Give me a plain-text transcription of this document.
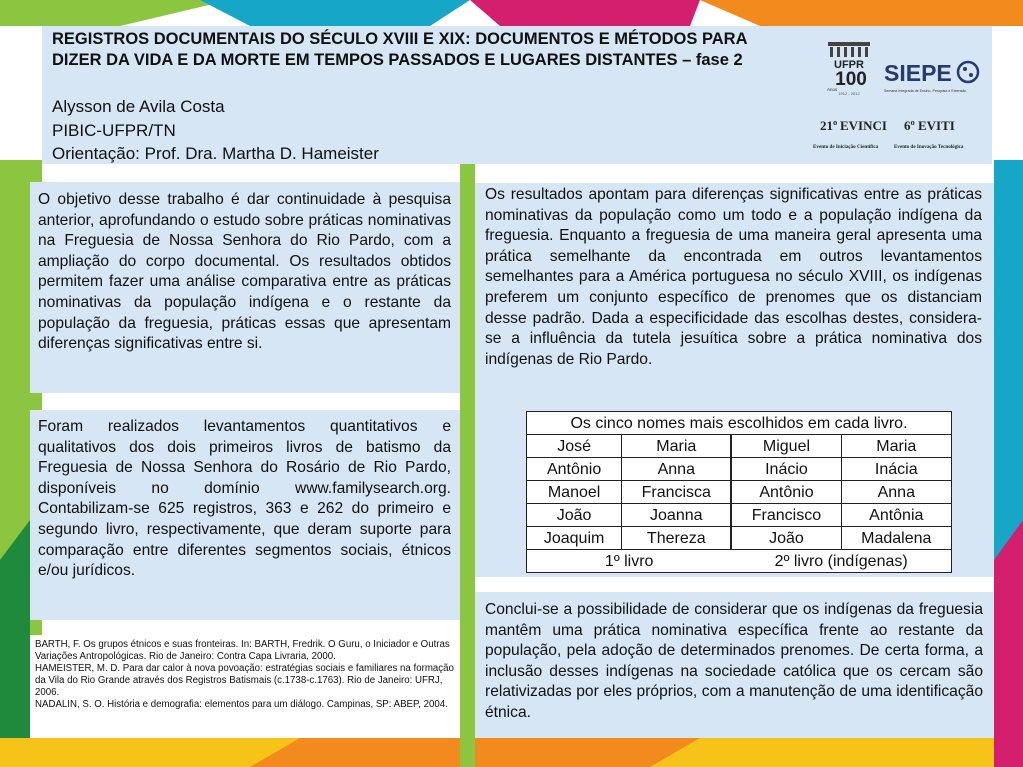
REGISTROS DOCUMENTAIS DO SÉCULO XVIII E XIX: DOCUMENTOS E MÉTODOS PARA DIZER DA VIDA E DA MORTE EM TEMPOS PASSADOS E LUGARES DISTANTES – fase 2
Alysson de Avila Costa
PIBIC-UFPR/TN
Orientação: Prof. Dra. Martha D. Hameister
UFPR
100
Anos
1912 - 2012
SIEPE
Semana Integrada de Ensino, Pesquisa e Extensão
21º EVINCI 6º EVITI
Evento de Iniciação Científica	Evento de Inovação Tecnológica

O objetivo desse trabalho é dar continuidade à pesquisa anterior, aprofundando o estudo sobre práticas nominativas na Freguesia de Nossa Senhora do Rio Pardo, com a ampliação do corpo documental. Os resultados obtidos permitem fazer uma análise comparativa entre as práticas nominativas da população indígena e o restante da população da freguesia, práticas essas que apresentam diferenças significativas entre si.

Foram realizados levantamentos quantitativos e qualitativos dos dois primeiros livros de batismo da Freguesia de Nossa Senhora do Rosário de Rio Pardo, disponíveis no domínio www.familysearch.org. Contabilizam-se 625 registros, 363 e 262 do primeiro e segundo livro, respectivamente, que deram suporte para comparação entre diferentes segmentos sociais, étnicos e/ou jurídicos.

BARTH, F. Os grupos étnicos e suas fronteiras. In: BARTH, Fredrik. O Guru, o Iniciador e Outras Variações Antropológicas. Rio de Janeiro: Contra Capa Livraria, 2000.
HAMEISTER, M. D. Para dar calor à nova povoação: estratégias sociais e familiares na formação da Vila do Rio Grande através dos Registros Batismais (c.1738-c.1763). Rio de Janeiro: UFRJ, 2006.
NADALIN, S. O. História e demografia: elementos para um diálogo. Campinas, SP: ABEP, 2004.

Os resultados apontam para diferenças significativas entre as práticas nominativas da população como um todo e a população indígena da freguesia. Enquanto a freguesia de uma maneira geral apresenta uma prática semelhante da encontrada em outros levantamentos semelhantes para a América portuguesa no século XVIII, os indígenas preferem um conjunto específico de prenomes que os distanciam desse padrão. Dada a especificidade das escolhas destes, considera-se a influência da tutela jesuítica sobre a prática nominativa dos indígenas de Rio Pardo.

Os cinco nomes mais escolhidos em cada livro.			
José	Maria	Miguel	Maria
Antônio	Anna	Inácio	Inácia
Manoel	Francisca	Antônio	Anna
João	Joanna	Francisco	Antônia
Joaquim	Thereza	João	Madalena
1º livro		2º livro (indígenas)	

Conclui-se a possibilidade de considerar que os indígenas da freguesia mantêm uma prática nominativa específica frente ao restante da população, pela adoção de determinados prenomes. De certa forma, a inclusão desses indígenas na sociedade católica que os cercam são relativizadas por eles próprios, com a manutenção de uma identificação étnica.
